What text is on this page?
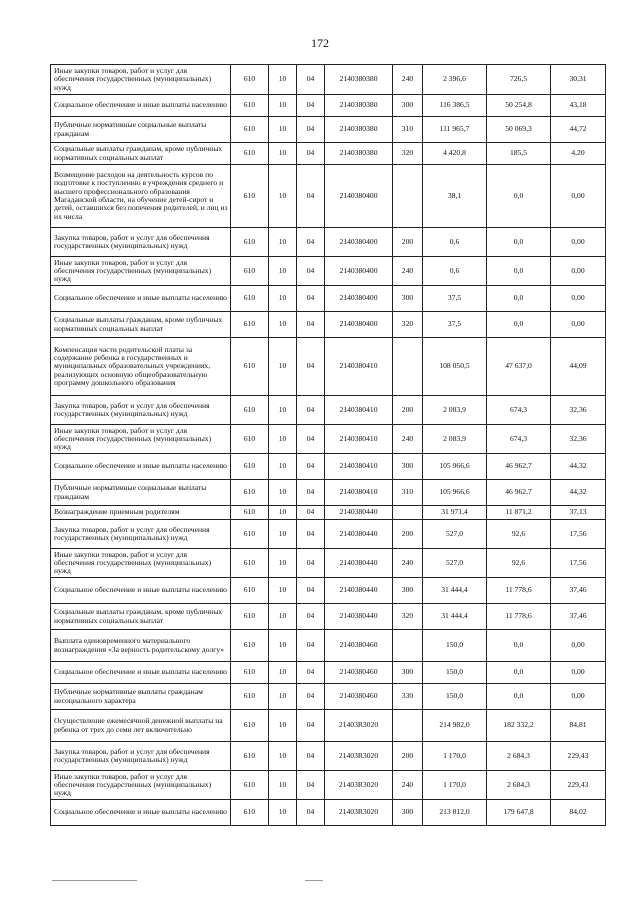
172
Иные закупки товаров, работ и услуг для обеспечения государственных (муниципальных) нужд	610	10	04	2140380380	240	2 396,6	726,5	30,31
Социальное обеспечение и иные выплаты населению	610	10	04	2140380380	300	116 386,5	50 254,8	43,18
Публичные нормативные социальные выплаты гражданам	610	10	04	2140380380	310	111 965,7	50 069,3	44,72
Социальные выплаты гражданам, кроме публичных нормативных социальных выплат	610	10	04	2140380380	320	4 420,8	185,5	4,20
Возмещение расходов на деятельность курсов по подготовке к поступлению в учреждения среднего и высшего профессионального образования Магаданской области, на обучение детей-сирот и детей, оставшихся без попечения родителей, и лиц из их числа	610	10	04	2140380400		38,1	0,0	0,00
Закупка товаров, работ и услуг для обеспечения государственных (муниципальных) нужд	610	10	04	2140380400	200	0,6	0,0	0,00
Иные закупки товаров, работ и услуг для обеспечения государственных (муниципальных) нужд	610	10	04	2140380400	240	0,6	0,0	0,00
Социальное обеспечение и иные выплаты населению	610	10	04	2140380400	300	37,5	0,0	0,00
Социальные выплаты гражданам, кроме публичных нормативных социальных выплат	610	10	04	2140380400	320	37,5	0,0	0,00
Компенсация части родительской платы за содержание ребенка в государственных и муниципальных образовательных учреждениях, реализующих основную общеобразовательную программу дошкольного образования	610	10	04	2140380410		108 050,5	47 637,0	44,09
Закупка товаров, работ и услуг для обеспечения государственных (муниципальных) нужд	610	10	04	2140380410	200	2 083,9	674,3	32,36
Иные закупки товаров, работ и услуг для обеспечения государственных (муниципальных) нужд	610	10	04	2140380410	240	2 083,9	674,3	32,36
Социальное обеспечение и иные выплаты населению	610	10	04	2140380410	300	105 966,6	46 962,7	44,32
Публичные нормативные социальные выплаты гражданам	610	10	04	2140380410	310	105 966,6	46 962,7	44,32
Вознаграждение приемным родителям	610	10	04	2140380440		31 971,4	11 871,2	37,13
Закупка товаров, работ и услуг для обеспечения государственных (муниципальных) нужд	610	10	04	2140380440	200	527,0	92,6	17,56
Иные закупки товаров, работ и услуг для обеспечения государственных (муниципальных) нужд	610	10	04	2140380440	240	527,0	92,6	17,56
Социальное обеспечение и иные выплаты населению	610	10	04	2140380440	300	31 444,4	11 778,6	37,46
Социальные выплаты гражданам, кроме публичных нормативных социальных выплат	610	10	04	2140380440	320	31 444,4	11 778,6	37,46
Выплата единовременного материального вознаграждения «За верность родительскому долгу»	610	10	04	2140380460		150,0	0,0	0,00
Социальное обеспечение и иные выплаты населению	610	10	04	2140380460	300	150,0	0,0	0,00
Публичные нормативные выплаты гражданам несоциального характера	610	10	04	2140380460	330	150,0	0,0	0,00
Осуществление ежемесячной денежной выплаты на ребенка от трех до семи лет включительно	610	10	04	21403R3020		214 982,0	182 332,2	84,81
Закупка товаров, работ и услуг для обеспечения государственных (муниципальных) нужд	610	10	04	21403R3020	200	1 170,0	2 684,3	229,43
Иные закупки товаров, работ и услуг для обеспечения государственных (муниципальных) нужд	610	10	04	21403R3020	240	1 170,0	2 684,3	229,43
Социальное обеспечение и иные выплаты населению	610	10	04	21403R3020	300	213 812,0	179 647,8	84,02
